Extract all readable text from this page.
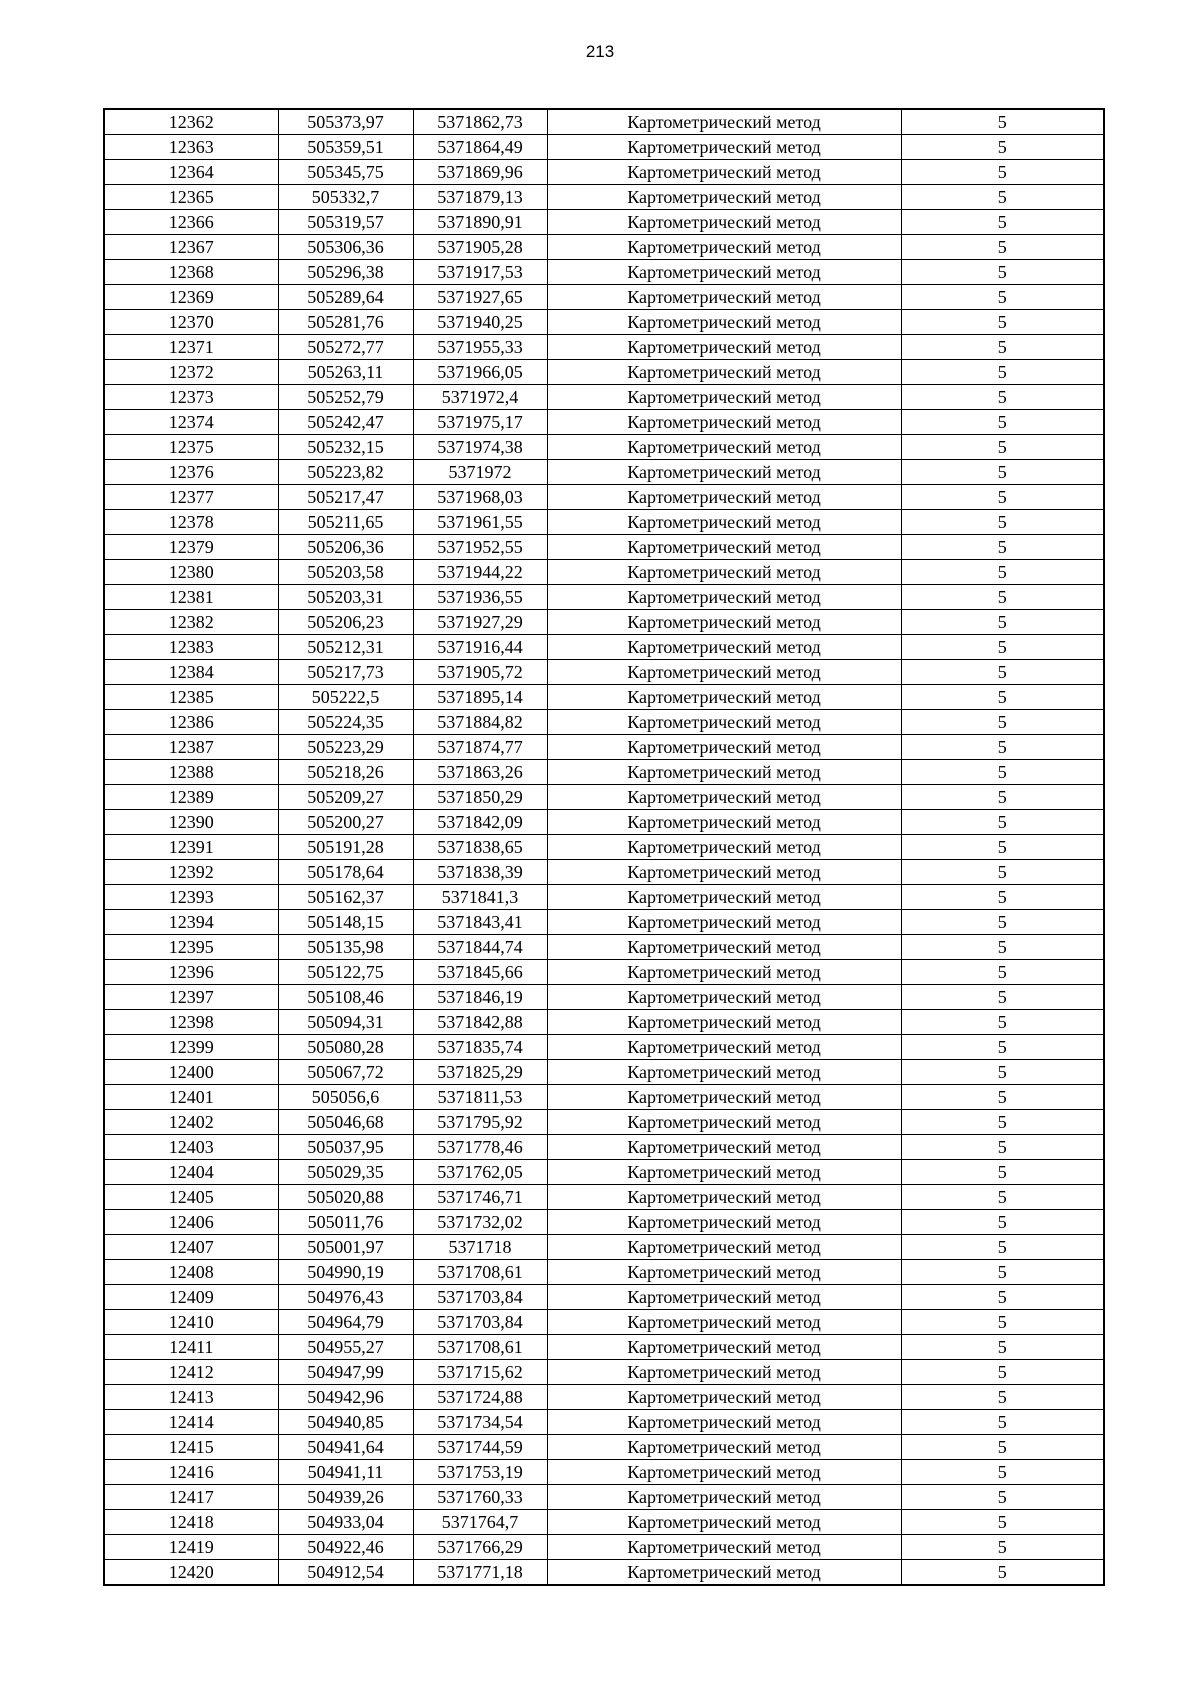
213
12362	505373,97	5371862,73	Картометрический метод	5
12363	505359,51	5371864,49	Картометрический метод	5
12364	505345,75	5371869,96	Картометрический метод	5
12365	505332,7	5371879,13	Картометрический метод	5
12366	505319,57	5371890,91	Картометрический метод	5
12367	505306,36	5371905,28	Картометрический метод	5
12368	505296,38	5371917,53	Картометрический метод	5
12369	505289,64	5371927,65	Картометрический метод	5
12370	505281,76	5371940,25	Картометрический метод	5
12371	505272,77	5371955,33	Картометрический метод	5
12372	505263,11	5371966,05	Картометрический метод	5
12373	505252,79	5371972,4	Картометрический метод	5
12374	505242,47	5371975,17	Картометрический метод	5
12375	505232,15	5371974,38	Картометрический метод	5
12376	505223,82	5371972	Картометрический метод	5
12377	505217,47	5371968,03	Картометрический метод	5
12378	505211,65	5371961,55	Картометрический метод	5
12379	505206,36	5371952,55	Картометрический метод	5
12380	505203,58	5371944,22	Картометрический метод	5
12381	505203,31	5371936,55	Картометрический метод	5
12382	505206,23	5371927,29	Картометрический метод	5
12383	505212,31	5371916,44	Картометрический метод	5
12384	505217,73	5371905,72	Картометрический метод	5
12385	505222,5	5371895,14	Картометрический метод	5
12386	505224,35	5371884,82	Картометрический метод	5
12387	505223,29	5371874,77	Картометрический метод	5
12388	505218,26	5371863,26	Картометрический метод	5
12389	505209,27	5371850,29	Картометрический метод	5
12390	505200,27	5371842,09	Картометрический метод	5
12391	505191,28	5371838,65	Картометрический метод	5
12392	505178,64	5371838,39	Картометрический метод	5
12393	505162,37	5371841,3	Картометрический метод	5
12394	505148,15	5371843,41	Картометрический метод	5
12395	505135,98	5371844,74	Картометрический метод	5
12396	505122,75	5371845,66	Картометрический метод	5
12397	505108,46	5371846,19	Картометрический метод	5
12398	505094,31	5371842,88	Картометрический метод	5
12399	505080,28	5371835,74	Картометрический метод	5
12400	505067,72	5371825,29	Картометрический метод	5
12401	505056,6	5371811,53	Картометрический метод	5
12402	505046,68	5371795,92	Картометрический метод	5
12403	505037,95	5371778,46	Картометрический метод	5
12404	505029,35	5371762,05	Картометрический метод	5
12405	505020,88	5371746,71	Картометрический метод	5
12406	505011,76	5371732,02	Картометрический метод	5
12407	505001,97	5371718	Картометрический метод	5
12408	504990,19	5371708,61	Картометрический метод	5
12409	504976,43	5371703,84	Картометрический метод	5
12410	504964,79	5371703,84	Картометрический метод	5
12411	504955,27	5371708,61	Картометрический метод	5
12412	504947,99	5371715,62	Картометрический метод	5
12413	504942,96	5371724,88	Картометрический метод	5
12414	504940,85	5371734,54	Картометрический метод	5
12415	504941,64	5371744,59	Картометрический метод	5
12416	504941,11	5371753,19	Картометрический метод	5
12417	504939,26	5371760,33	Картометрический метод	5
12418	504933,04	5371764,7	Картометрический метод	5
12419	504922,46	5371766,29	Картометрический метод	5
12420	504912,54	5371771,18	Картометрический метод	5
